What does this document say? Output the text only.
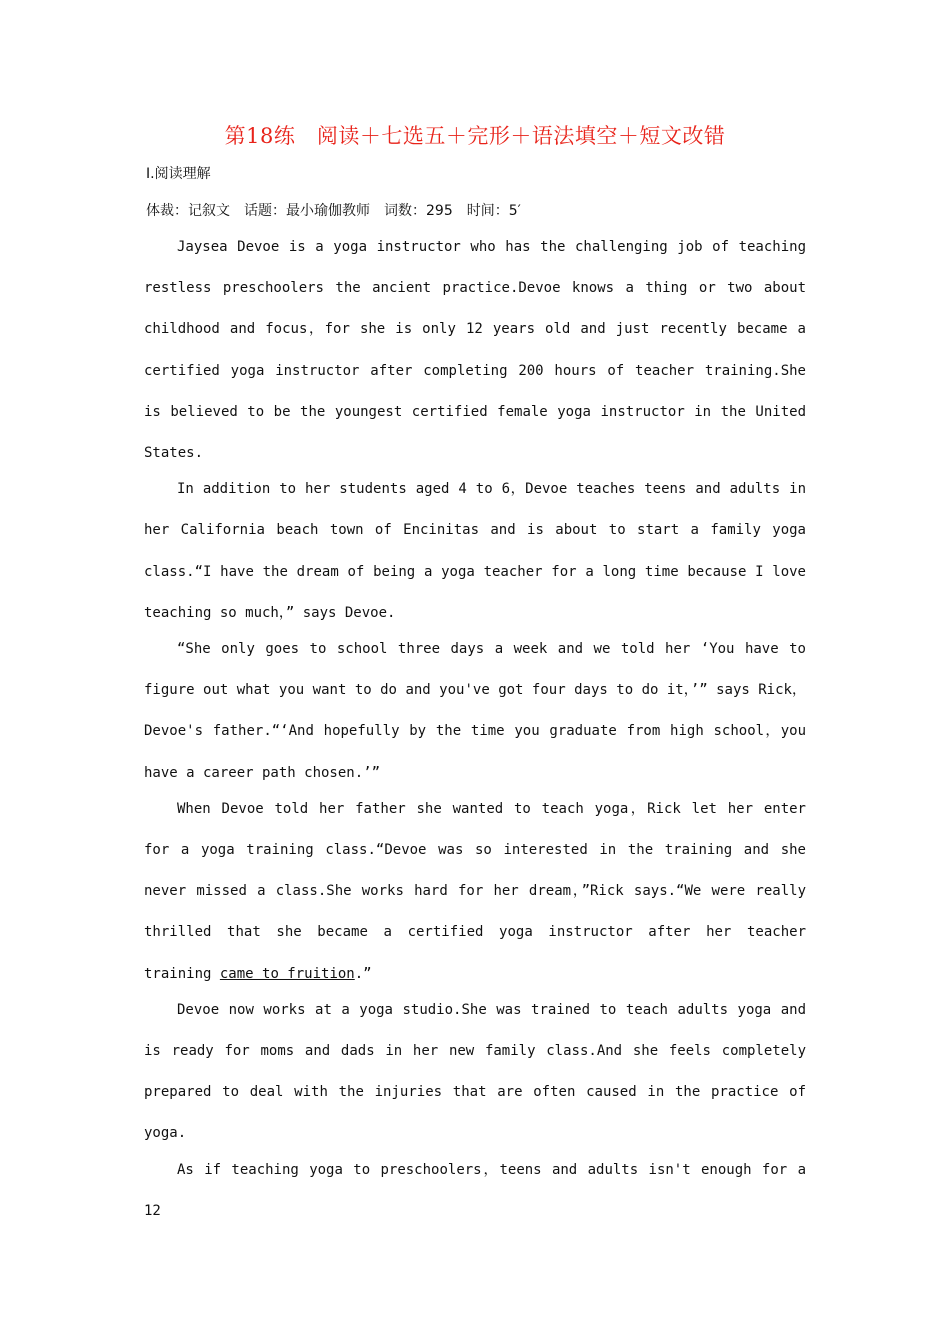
第18练　阅读＋七选五＋完形＋语法填空＋短文改错
Ⅰ.阅读理解
体裁：记叙文　话题：最小瑜伽教师　词数：295　时间：5′

Jaysea Devoe is a yoga instructor who has the challenging job of teaching restless preschoolers the ancient practice.Devoe knows a thing or two about childhood and focus，for she is only 12 years old and just recently became a certified yoga instructor after completing 200 hours of teacher training.She is believed to be the youngest certified female yoga instructor in the United States.

In addition to her students aged 4 to 6，Devoe teaches teens and adults in her California beach town of Encinitas and is about to start a family yoga class.“I have the dream of being a yoga teacher for a long time because I love teaching so much，” says Devoe.

“She only goes to school three days a week and we told her ‘You have to figure out what you want to do and you've got four days to do it，’” says Rick，Devoe's father.“‘And hopefully by the time you graduate from high school，you have a career path chosen.’”

When Devoe told her father she wanted to teach yoga，Rick let her enter for a yoga training class.“Devoe was so interested in the training and she never missed a class.She works hard for her dream，”Rick says.“We were really thrilled that she became a certified yoga instructor after her teacher training came to fruition.”

Devoe now works at a yoga studio.She was trained to teach adults yoga and is ready for moms and dads in her new family class.And she feels completely prepared to deal with the injuries that are often caused in the practice of yoga.

As if teaching yoga to preschoolers，teens and adults isn't enough for a 12
